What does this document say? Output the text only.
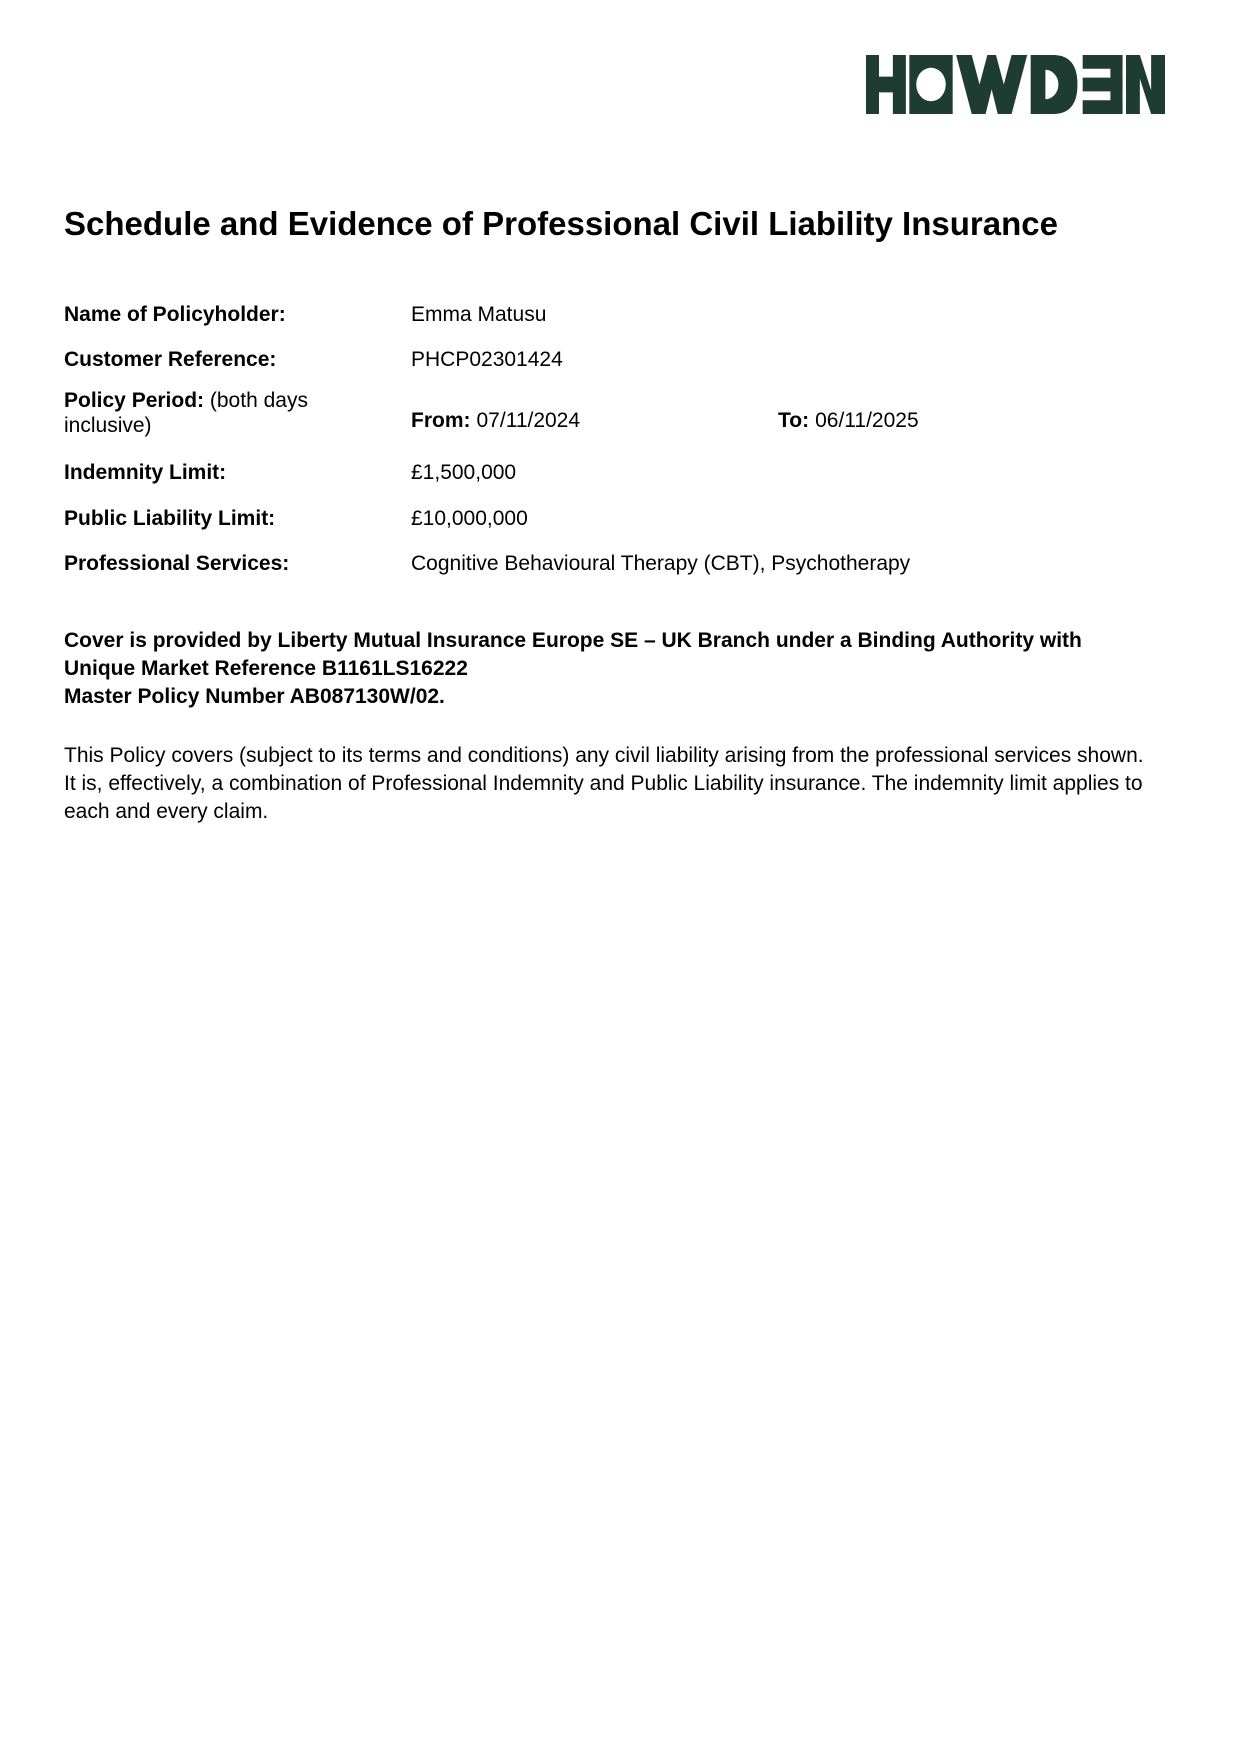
Schedule and Evidence of Professional Civil Liability Insurance
Name of Policyholder:	Emma Matusu
Customer Reference:	PHCP02301424
Policy Period: (both days inclusive)	From: 07/11/2024	To: 06/11/2025
Indemnity Limit:	£1,500,000
Public Liability Limit:	£10,000,000
Professional Services:	Cognitive Behavioural Therapy (CBT), Psychotherapy
Cover is provided by Liberty Mutual Insurance Europe SE – UK Branch under a Binding Authority with
Unique Market Reference B1161LS16222
Master Policy Number AB087130W/02.
This Policy covers (subject to its terms and conditions) any civil liability arising from the professional services shown.
It is, effectively, a combination of Professional Indemnity and Public Liability insurance. The indemnity limit applies to
each and every claim.
